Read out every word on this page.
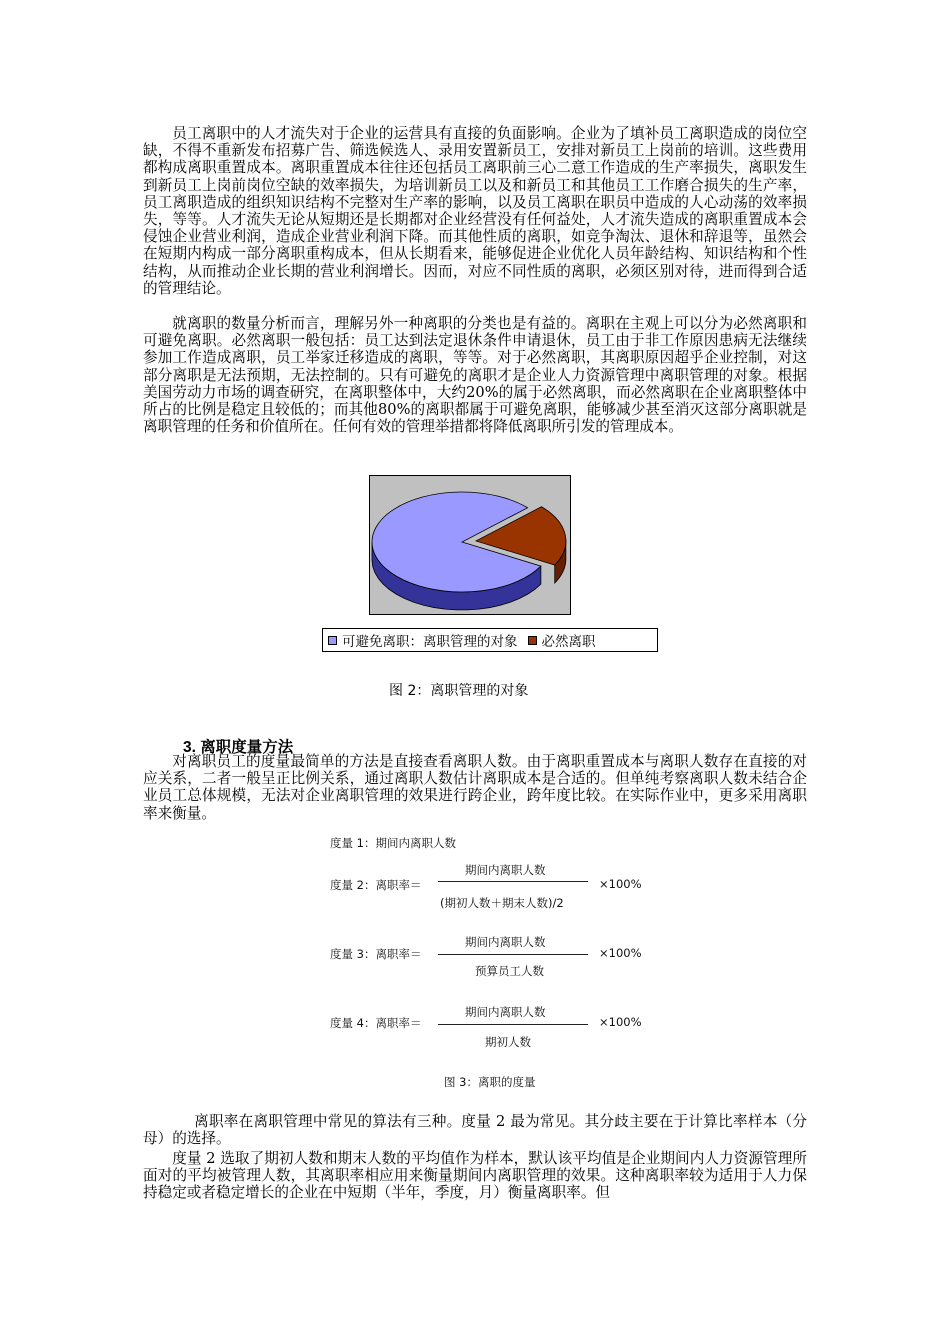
员工离职中的人才流失对于企业的运营具有直接的负面影响。企业为了填补员工离职造成的岗位空缺，不得不重新发布招募广告、筛选候选人、录用安置新员工，安排对新员工上岗前的培训。这些费用都构成离职重置成本。离职重置成本往往还包括员工离职前三心二意工作造成的生产率损失，离职发生到新员工上岗前岗位空缺的效率损失，为培训新员工以及和新员工和其他员工工作磨合损失的生产率，员工离职造成的组织知识结构不完整对生产率的影响，以及员工离职在职员中造成的人心动荡的效率损失，等等。人才流失无论从短期还是长期都对企业经营没有任何益处，人才流失造成的离职重置成本会侵蚀企业营业利润，造成企业营业利润下降。而其他性质的离职，如竞争淘汰、退休和辞退等，虽然会在短期内构成一部分离职重构成本，但从长期看来，能够促进企业优化人员年龄结构、知识结构和个性结构，从而推动企业长期的营业利润增长。因而，对应不同性质的离职，必须区别对待，进而得到合适的管理结论。
就离职的数量分析而言，理解另外一种离职的分类也是有益的。离职在主观上可以分为必然离职和可避免离职。必然离职一般包括：员工达到法定退休条件申请退休，员工由于非工作原因患病无法继续参加工作造成离职，员工举家迁移造成的离职，等等。对于必然离职，其离职原因超乎企业控制，对这部分离职是无法预期，无法控制的。只有可避免的离职才是企业人力资源管理中离职管理的对象。根据美国劳动力市场的调查研究，在离职整体中，大约20%的属于必然离职，而必然离职在企业离职整体中所占的比例是稳定且较低的；而其他80%的离职都属于可避免离职，能够减少甚至消灭这部分离职就是离职管理的任务和价值所在。任何有效的管理举措都将降低离职所引发的管理成本。
可避免离职：离职管理的对象 必然离职
图 2：离职管理的对象
3. 离职度量方法
对离职员工的度量最简单的方法是直接查看离职人数。由于离职重置成本与离职人数存在直接的对应关系，二者一般呈正比例关系，通过离职人数估计离职成本是合适的。但单纯考察离职人数未结合企业员工总体规模，无法对企业离职管理的效果进行跨企业，跨年度比较。在实际作业中，更多采用离职率来衡量。
度量 1：期间内离职人数
度量 2：离职率＝
期间内离职人数
(期初人数＋期末人数)/2
×100%
度量 3：离职率＝
期间内离职人数
预算员工人数
×100%
度量 4：离职率＝
期间内离职人数
期初人数
×100%
图 3：离职的度量
离职率在离职管理中常见的算法有三种。度量 2 最为常见。其分歧主要在于计算比率样本（分母）的选择。
度量 2 选取了期初人数和期末人数的平均值作为样本，默认该平均值是企业期间内人力资源管理所面对的平均被管理人数，其离职率相应用来衡量期间内离职管理的效果。这种离职率较为适用于人力保持稳定或者稳定增长的企业在中短期（半年，季度，月）衡量离职率。但
